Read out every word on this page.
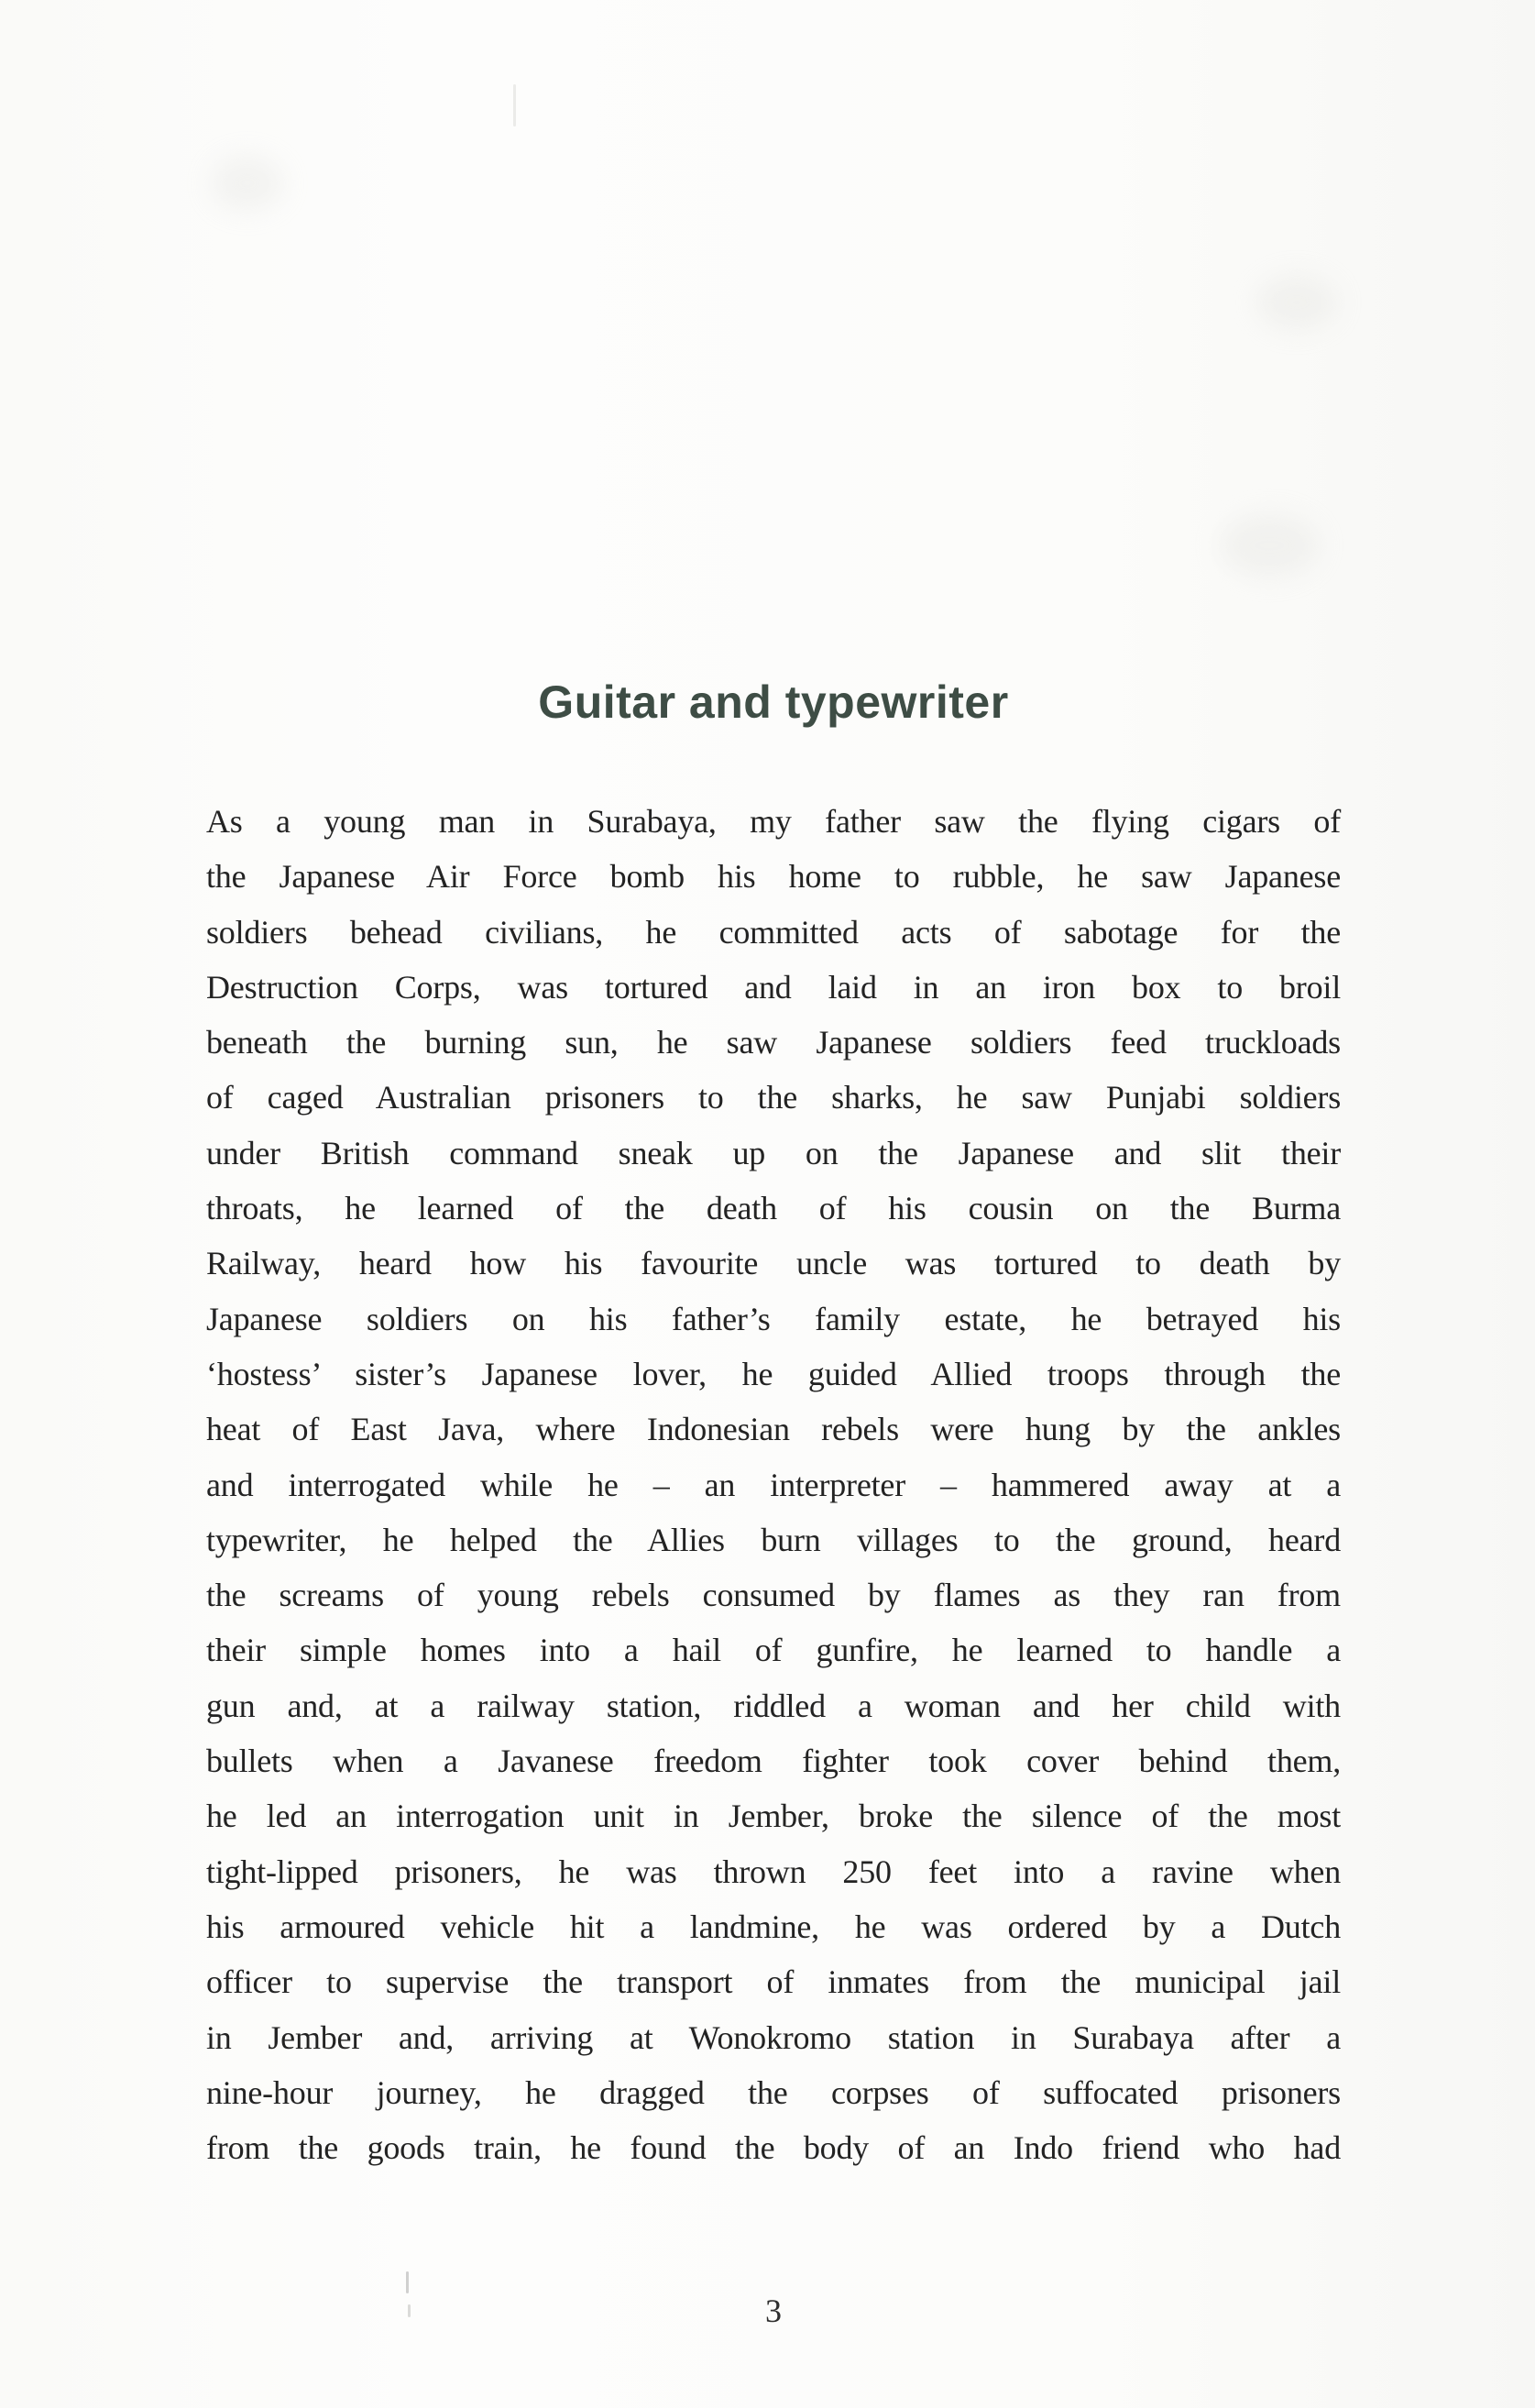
Guitar and typewriter
As a young man in Surabaya, my father saw the flying cigars of
the Japanese Air Force bomb his home to rubble, he saw Japanese
soldiers behead civilians, he committed acts of sabotage for the
Destruction Corps, was tortured and laid in an iron box to broil
beneath the burning sun, he saw Japanese soldiers feed truckloads
of caged Australian prisoners to the sharks, he saw Punjabi soldiers
under British command sneak up on the Japanese and slit their
throats, he learned of the death of his cousin on the Burma
Railway, heard how his favourite uncle was tortured to death by
Japanese soldiers on his father’s family estate, he betrayed his
‘hostess’ sister’s Japanese lover, he guided Allied troops through the
heat of East Java, where Indonesian rebels were hung by the ankles
and interrogated while he – an interpreter – hammered away at a
typewriter, he helped the Allies burn villages to the ground, heard
the screams of young rebels consumed by flames as they ran from
their simple homes into a hail of gunfire, he learned to handle a
gun and, at a railway station, riddled a woman and her child with
bullets when a Javanese freedom fighter took cover behind them,
he led an interrogation unit in Jember, broke the silence of the most
tight-lipped prisoners, he was thrown 250 feet into a ravine when
his armoured vehicle hit a landmine, he was ordered by a Dutch
officer to supervise the transport of inmates from the municipal jail
in Jember and, arriving at Wonokromo station in Surabaya after a
nine-hour journey, he dragged the corpses of suffocated prisoners
from the goods train, he found the body of an Indo friend who had
3
